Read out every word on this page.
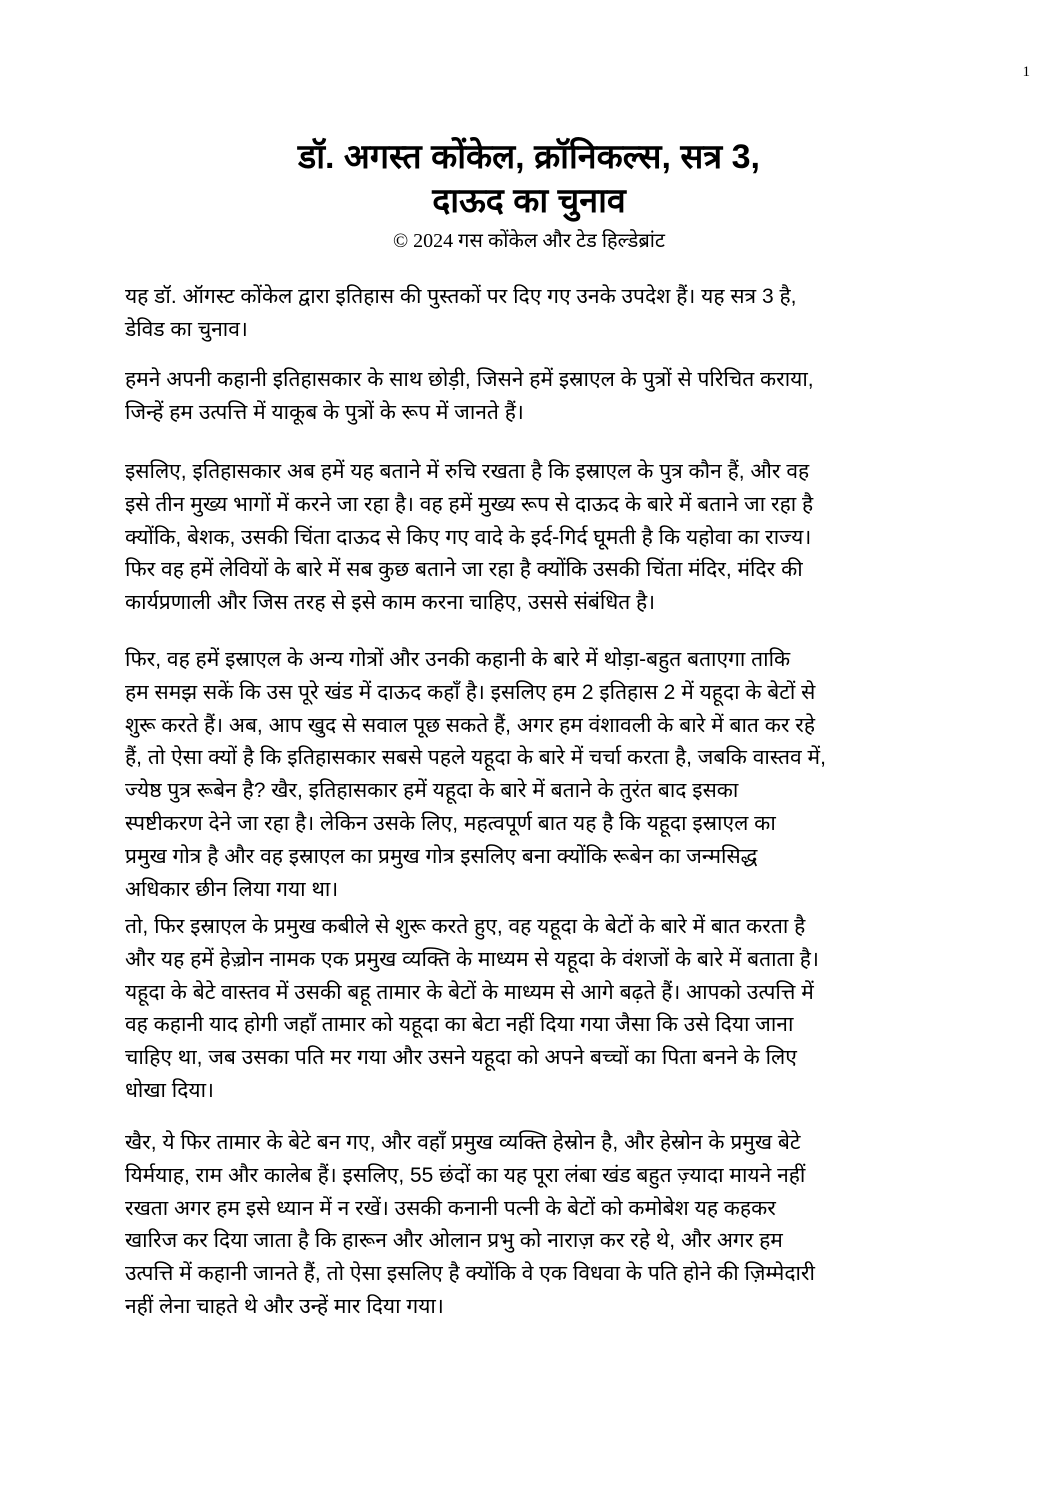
1
डॉ. अगस्त कोंकेल, क्रॉनिकल्स, सत्र 3,
दाऊद का चुनाव
© 2024 गस कोंकेल और टेड हिल्डेब्रांट
यह डॉ. ऑगस्ट कोंकेल द्वारा इतिहास की पुस्तकों पर दिए गए उनके उपदेश हैं। यह सत्र 3 है,
डेविड का चुनाव।
हमने अपनी कहानी इतिहासकार के साथ छोड़ी, जिसने हमें इस्राएल के पुत्रों से परिचित कराया,
जिन्हें हम उत्पत्ति में याकूब के पुत्रों के रूप में जानते हैं।
इसलिए, इतिहासकार अब हमें यह बताने में रुचि रखता है कि इस्राएल के पुत्र कौन हैं, और वह
इसे तीन मुख्य भागों में करने जा रहा है। वह हमें मुख्य रूप से दाऊद के बारे में बताने जा रहा है
क्योंकि, बेशक, उसकी चिंता दाऊद से किए गए वादे के इर्द-गिर्द घूमती है कि यहोवा का राज्य।
फिर वह हमें लेवियों के बारे में सब कुछ बताने जा रहा है क्योंकि उसकी चिंता मंदिर, मंदिर की
कार्यप्रणाली और जिस तरह से इसे काम करना चाहिए, उससे संबंधित है।
फिर, वह हमें इस्राएल के अन्य गोत्रों और उनकी कहानी के बारे में थोड़ा-बहुत बताएगा ताकि
हम समझ सकें कि उस पूरे खंड में दाऊद कहाँ है। इसलिए हम 2 इतिहास 2 में यहूदा के बेटों से
शुरू करते हैं। अब, आप खुद से सवाल पूछ सकते हैं, अगर हम वंशावली के बारे में बात कर रहे
हैं, तो ऐसा क्यों है कि इतिहासकार सबसे पहले यहूदा के बारे में चर्चा करता है, जबकि वास्तव में,
ज्येष्ठ पुत्र रूबेन है? खैर, इतिहासकार हमें यहूदा के बारे में बताने के तुरंत बाद इसका
स्पष्टीकरण देने जा रहा है। लेकिन उसके लिए, महत्वपूर्ण बात यह है कि यहूदा इस्राएल का
प्रमुख गोत्र है और वह इस्राएल का प्रमुख गोत्र इसलिए बना क्योंकि रूबेन का जन्मसिद्ध
अधिकार छीन लिया गया था।
तो, फिर इस्राएल के प्रमुख कबीले से शुरू करते हुए, वह यहूदा के बेटों के बारे में बात करता है
और यह हमें हेज़्रोन नामक एक प्रमुख व्यक्ति के माध्यम से यहूदा के वंशजों के बारे में बताता है।
यहूदा के बेटे वास्तव में उसकी बहू तामार के बेटों के माध्यम से आगे बढ़ते हैं। आपको उत्पत्ति में
वह कहानी याद होगी जहाँ तामार को यहूदा का बेटा नहीं दिया गया जैसा कि उसे दिया जाना
चाहिए था, जब उसका पति मर गया और उसने यहूदा को अपने बच्चों का पिता बनने के लिए
धोखा दिया।
खैर, ये फिर तामार के बेटे बन गए, और वहाँ प्रमुख व्यक्ति हेस्रोन है, और हेस्रोन के प्रमुख बेटे
यिर्मयाह, राम और कालेब हैं। इसलिए, 55 छंदों का यह पूरा लंबा खंड बहुत ज़्यादा मायने नहीं
रखता अगर हम इसे ध्यान में न रखें। उसकी कनानी पत्नी के बेटों को कमोबेश यह कहकर
खारिज कर दिया जाता है कि हारून और ओलान प्रभु को नाराज़ कर रहे थे, और अगर हम
उत्पत्ति में कहानी जानते हैं, तो ऐसा इसलिए है क्योंकि वे एक विधवा के पति होने की ज़िम्मेदारी
नहीं लेना चाहते थे और उन्हें मार दिया गया।
